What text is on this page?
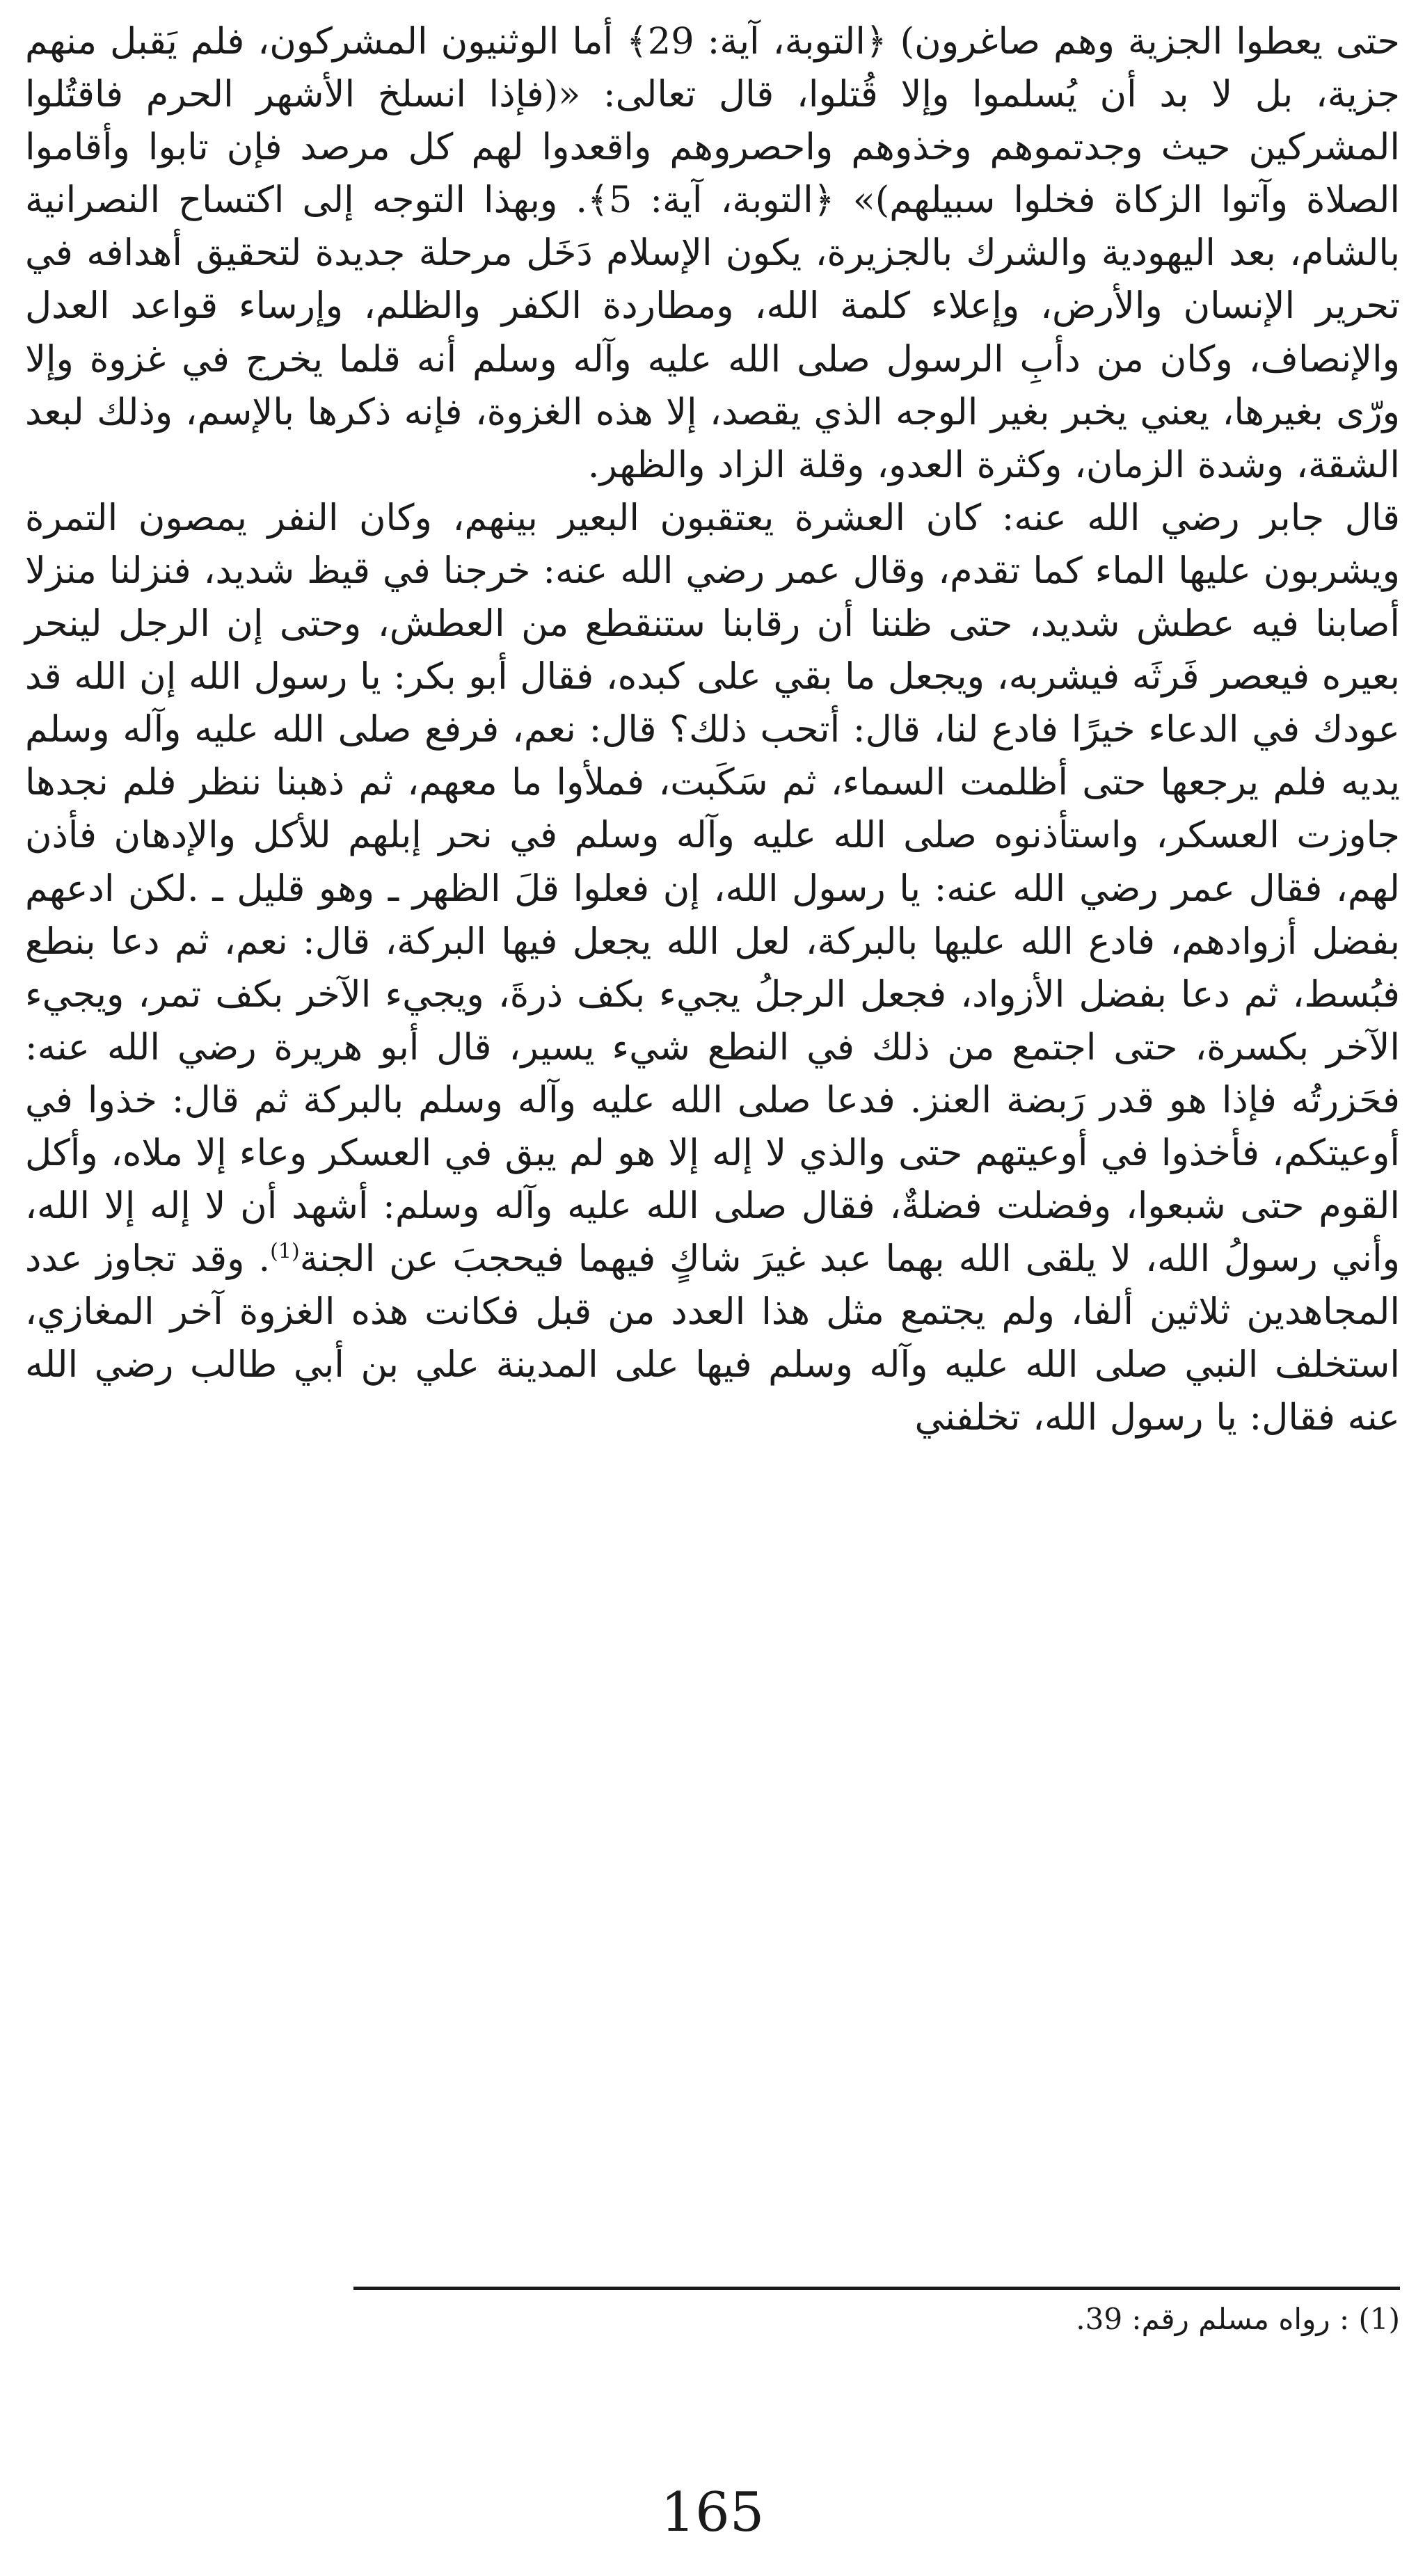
حتى يعطوا الجزية وهم صاغرون) ﴿التوبة، آية: 29﴾ أما الوثنيون المشركون، فلم يَقبل منهم جزية، بل لا بد أن يُسلموا وإلا قُتلوا، قال تعالى: «(فإذا انسلخ الأشهر الحرم فاقتُلوا المشركين حيث وجدتموهم وخذوهم واحصروهم واقعدوا لهم كل مرصد فإن تابوا وأقاموا الصلاة وآتوا الزكاة فخلوا سبيلهم)» ﴿التوبة، آية: 5﴾. وبهذا التوجه إلى اكتساح النصرانية بالشام، بعد اليهودية والشرك بالجزيرة، يكون الإسلام دَخَل مرحلة جديدة لتحقيق أهدافه في تحرير الإنسان والأرض، وإعلاء كلمة الله، ومطاردة الكفر والظلم، وإرساء قواعد العدل والإنصاف، وكان من دأبِ الرسول صلى الله عليه وآله وسلم أنه قلما يخرج في غزوة وإلا ورّى بغيرها، يعني يخبر بغير الوجه الذي يقصد، إلا هذه الغزوة، فإنه ذكرها بالإسم، وذلك لبعد الشقة، وشدة الزمان، وكثرة العدو، وقلة الزاد والظهر.

قال جابر رضي الله عنه: كان العشرة يعتقبون البعير بينهم، وكان النفر يمصون التمرة ويشربون عليها الماء كما تقدم، وقال عمر رضي الله عنه: خرجنا في قيظ شديد، فنزلنا منزلا أصابنا فيه عطش شديد، حتى ظننا أن رقابنا ستنقطع من العطش، وحتى إن الرجل لينحر بعيره فيعصر فَرثَه فيشربه، ويجعل ما بقي على كبده، فقال أبو بكر: يا رسول الله إن الله قد عودك في الدعاء خيرًا فادع لنا، قال: أتحب ذلك؟ قال: نعم، فرفع صلى الله عليه وآله وسلم يديه فلم يرجعها حتى أظلمت السماء، ثم سَكَبت، فملأوا ما معهم، ثم ذهبنا ننظر فلم نجدها جاوزت العسكر، واستأذنوه صلى الله عليه وآله وسلم في نحر إبلهم للأكل والإدهان فأذن لهم، فقال عمر رضي الله عنه: يا رسول الله، إن فعلوا قلَ الظهر ـ وهو قليل ـ .لكن ادعهم بفضل أزوادهم، فادع الله عليها بالبركة، لعل الله يجعل فيها البركة، قال: نعم، ثم دعا بنطع فبُسط، ثم دعا بفضل الأزواد، فجعل الرجلُ يجيء بكف ذرةَ، ويجيء الآخر بكف تمر، ويجيء الآخر بكسرة، حتى اجتمع من ذلك في النطع شيء يسير، قال أبو هريرة رضي الله عنه: فحَزرتُه فإذا هو قدر رَبضة العنز. فدعا صلى الله عليه وآله وسلم بالبركة ثم قال: خذوا في أوعيتكم، فأخذوا في أوعيتهم حتى والذي لا إله إلا هو لم يبق في العسكر وعاء إلا ملاه، وأكل القوم حتى شبعوا، وفضلت فضلةٌ، فقال صلى الله عليه وآله وسلم: أشهد أن لا إله إلا الله، وأني رسولُ الله، لا يلقى الله بهما عبد غيرَ شاكٍ فيهما فيحجبَ عن الجنة$^{(1)}$. وقد تجاوز عدد المجاهدين ثلاثين ألفا، ولم يجتمع مثل هذا العدد من قبل فكانت هذه الغزوة آخر المغازي، استخلف النبي صلى الله عليه وآله وسلم فيها على المدينة علي بن أبي طالب رضي الله عنه فقال: يا رسول الله، تخلفني

(1) : رواه مسلم رقم: 39.
165
